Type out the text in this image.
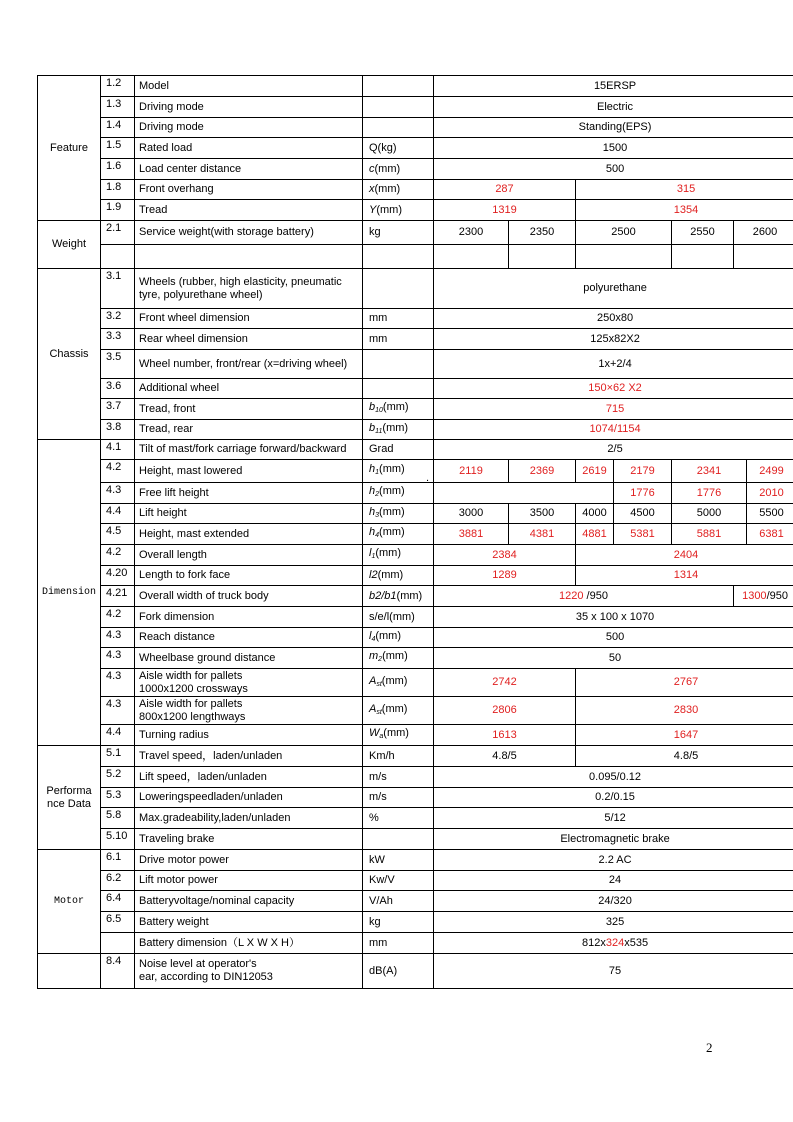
Feature	1.2	Model		15ERSP						
	1.3	Driving mode		Electric						
	1.4	Driving mode		Standing(EPS)						
	1.5	Rated load	Q(kg)	1500						
	1.6	Load center distance	c(mm)	500						
	1.8	Front overhang	x(mm)	287		315				
	1.9	Tread	Y(mm)	1319		1354				
Weight	2.1	Service weight(with storage battery)	kg	2300	2350	2500		2550	2600	

Chassis	3.1	Wheels (rubber, high elasticity, pneumatic tyre, polyurethane wheel)		polyurethane						
	3.2	Front wheel dimension	mm	250x80						
	3.3	Rear wheel dimension	mm	125x82X2						
	3.5	Wheel number, front/rear (x=driving wheel)		1x+2/4						
	3.6	Additional wheel		150×62 X2						
	3.7	Tread, front	$b_{10}(mm)$	715						
	3.8	Tread, rear	$b_{11}(mm)$	1074/1154						
Dimension	4.1	Tilt of mast/fork carriage forward/backward	Grad	2/5						
	4.2	Height, mast lowered	$h_1(mm)$	2119	2369	2619	2179	2341		2499
	4.3	Free lift height	$h_2(mm)$				1776	1776		2010
	4.4	Lift height	$h_3(mm)$	3000	3500	4000	4500	5000		5500
	4.5	Height, mast extended	$h_4(mm)$	3881	4381	4881	5381	5881		6381
	4.2	Overall length	$l_1(mm)$	2384		2404				
	4.20	Length to fork face	l2(mm)	1289		1314				
	4.21	Overall width of truck body	b2/b1(mm)	1220 /950					1300/950	
	4.2	Fork dimension	s/e/l(mm)	35 x 100 x 1070						
	4.3	Reach distance	$l_4(mm)$	500						
	4.3	Wheelbase ground distance	$m_2(mm)$	50						
	4.3	Aisle width for pallets
1000x1200 crossways	$A_{st}(mm)$	2742		2767				
	4.3	Aisle width for pallets
800x1200 lengthways	$A_{st}(mm)$	2806		2830				
	4.4	Turning radius	$W_a(mm)$	1613		1647				
Performa nce Data	5.1	Travel speed，laden/unladen	Km/h	4.8/5		4.8/5				
	5.2	Lift speed，laden/unladen	m/s	0.095/0.12						
	5.3	Loweringspeedladen/unladen	m/s	0.2/0.15						
	5.8	Max.gradeability,laden/unladen	%	5/12						
	5.10	Traveling brake		Electromagnetic brake						
Motor	6.1	Drive motor power	kW	2.2 AC						
	6.2	Lift motor power	Kw/V	24						
	6.4	Batteryvoltage/nominal capacity	V/Ah	24/320						
	6.5	Battery weight	kg	325						
		Battery dimension（L X W X H）	mm	812x324x535						
	8.4	Noise level at operator's
ear, according to DIN12053	dB(A)	75						
.
2
